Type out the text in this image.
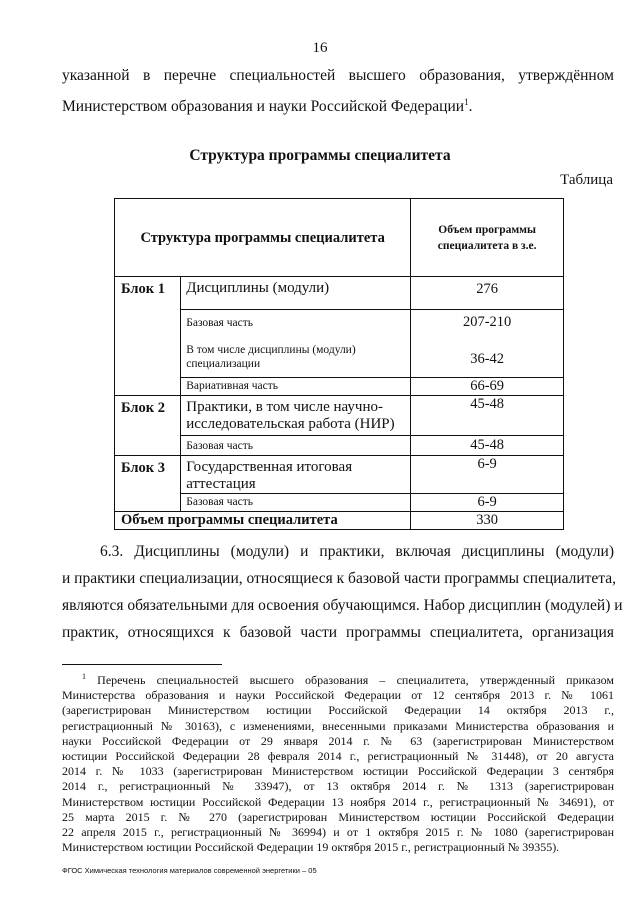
16
указанной в перечне специальностей высшего образования, утверждённом
Министерством образования и науки Российской Федерации$^1$.
Структура программы специалитета
Таблица
Структура программы специалитета		Объем программы специалитета в з.е.
Блок 1	Дисциплины (модули)	276
	Базовая часть	207-210
	В том числе дисциплины (модули) специализации	36-42
	Вариативная часть	66-69
Блок 2	Практики, в том числе научно-исследовательская работа (НИР)	45-48
	Базовая часть	45-48
Блок 3	Государственная итоговая аттестация	6-9
	Базовая часть	6-9
Объем программы специалитета		330
6.3. Дисциплины (модули) и практики, включая дисциплины (модули)
и практики специализации, относящиеся к базовой части программы специалитета,
являются обязательными для освоения обучающимся. Набор дисциплин (модулей) и
практик, относящихся к базовой части программы специалитета, организация
$^1$ Перечень специальностей высшего образования – специалитета, утвержденный приказом
Министерства образования и науки Российской Федерации от 12 сентября 2013 г. № 1061
(зарегистрирован Министерством юстиции Российской Федерации 14 октября 2013 г.,
регистрационный № 30163), с изменениями, внесенными приказами Министерства образования и
науки Российской Федерации от 29 января 2014 г. № 63 (зарегистрирован Министерством
юстиции Российской Федерации 28 февраля 2014 г., регистрационный № 31448), от 20 августа
2014 г. № 1033 (зарегистрирован Министерством юстиции Российской Федерации 3 сентября
2014 г., регистрационный № 33947), от 13 октября 2014 г. № 1313 (зарегистрирован
Министерством юстиции Российской Федерации 13 ноября 2014 г., регистрационный № 34691), от
25 марта 2015 г. № 270 (зарегистрирован Министерством юстиции Российской Федерации
22 апреля 2015 г., регистрационный № 36994) и от 1 октября 2015 г. № 1080 (зарегистрирован
Министерством юстиции Российской Федерации 19 октября 2015 г., регистрационный № 39355).
ФГОС Химическая технология материалов современной энергетики – 05
